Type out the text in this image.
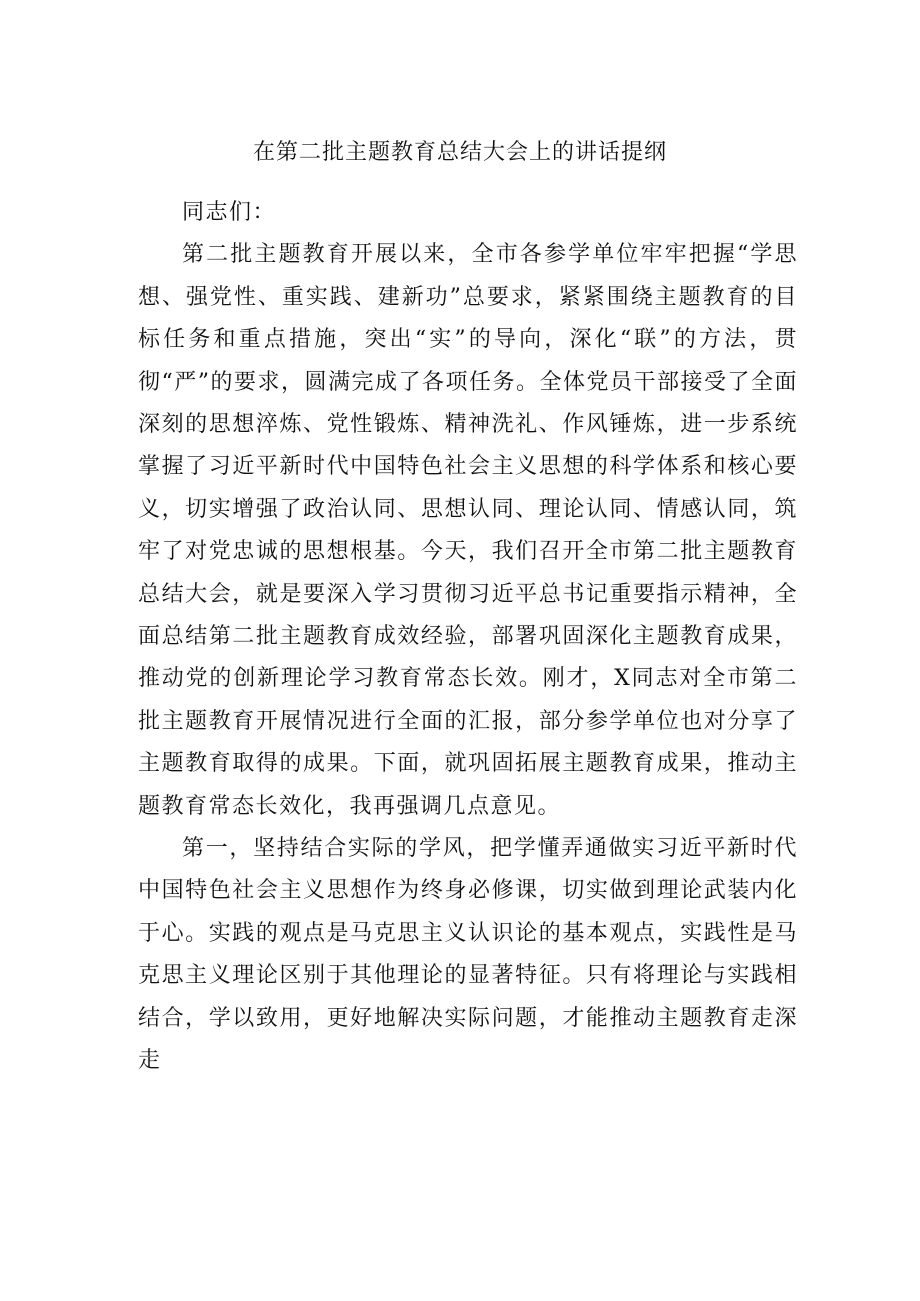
在第二批主题教育总结大会上的讲话提纲

同志们：

第二批主题教育开展以来，全市各参学单位牢牢把握“学思想、强党性、重实践、建新功”总要求，紧紧围绕主题教育的目标任务和重点措施，突出“实”的导向，深化“联”的方法，贯彻“严”的要求，圆满完成了各项任务。全体党员干部接受了全面深刻的思想淬炼、党性锻炼、精神洗礼、作风锤炼，进一步系统掌握了习近平新时代中国特色社会主义思想的科学体系和核心要义，切实增强了政治认同、思想认同、理论认同、情感认同，筑牢了对党忠诚的思想根基。今天，我们召开全市第二批主题教育总结大会，就是要深入学习贯彻习近平总书记重要指示精神，全面总结第二批主题教育成效经验，部署巩固深化主题教育成果，推动党的创新理论学习教育常态长效。刚才，X同志对全市第二批主题教育开展情况进行全面的汇报，部分参学单位也对分享了主题教育取得的成果。下面，就巩固拓展主题教育成果，推动主题教育常态长效化，我再强调几点意见。

第一，坚持结合实际的学风，把学懂弄通做实习近平新时代中国特色社会主义思想作为终身必修课，切实做到理论武装内化于心。实践的观点是马克思主义认识论的基本观点，实践性是马克思主义理论区别于其他理论的显著特征。只有将理论与实践相结合，学以致用，更好地解决实际问题，才能推动主题教育走深走
